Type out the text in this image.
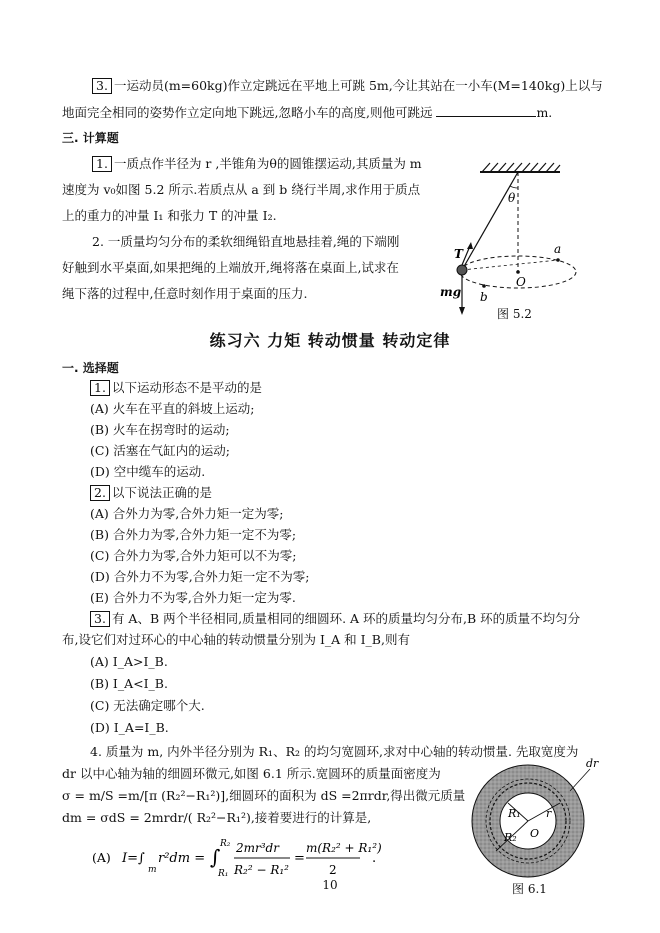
3. 一运动员(m=60kg)作立定跳远在平地上可跳 5m,今让其站在一小车(M=140kg)上以与
地面完全相同的姿势作立定向地下跳远,忽略小车的高度,则他可跳远	m.
三. 计算题
1. 一质点作半径为 r ,半锥角为θ的圆锥摆运动,其质量为 m
速度为 v₀如图 5.2 所示.若质点从 a 到 b 绕行半周,求作用于质点
上的重力的冲量 I₁ 和张力 T 的冲量 I₂.
2. 一质量均匀分布的柔软细绳铅直地悬挂着,绳的下端刚
好触到水平桌面,如果把绳的上端放开,绳将落在桌面上,试求在
绳下落的过程中,任意时刻作用于桌面的压力.
θ
T	a
O
b
mg
图 5.2
练习六 力矩 转动惯量 转动定律
一. 选择题
1. 以下运动形态不是平动的是
(A) 火车在平直的斜坡上运动;
(B) 火车在拐弯时的运动;
(C) 活塞在气缸内的运动;
(D) 空中缆车的运动.
2. 以下说法正确的是
(A) 合外力为零,合外力矩一定为零;
(B) 合外力为零,合外力矩一定不为零;
(C) 合外力为零,合外力矩可以不为零;
(D) 合外力不为零,合外力矩一定不为零;
(E) 合外力不为零,合外力矩一定为零.
3. 有 A、B 两个半径相同,质量相同的细圆环. A 环的质量均匀分布,B 环的质量不均匀分
布,设它们对过环心的中心轴的转动惯量分别为 I_A 和 I_B,则有
(A) I_A>I_B.
(B) I_A<I_B.
(C) 无法确定哪个大.
(D) I_A=I_B.
4. 质量为 m, 内外半径分别为 R₁、R₂ 的均匀宽圆环,求对中心轴的转动惯量. 先取宽度为
dr 以中心轴为轴的细圆环微元,如图 6.1 所示.宽圆环的质量面密度为
σ = m/S =m/[π (R₂²−R₁²)],细圆环的面积为 dS =2πrdr,得出微元质量
dm = σdS = 2mrdr/( R₂²−R₁²),接着要进行的计算是,
(A) I=∫
m
r²dm = ∫
R₂
R₁
2mr³dr
R₂² − R₁²
=
m(R₂² + R₁²)
2
.
dr
R₁ r
R₂ O
图 6.1
10
